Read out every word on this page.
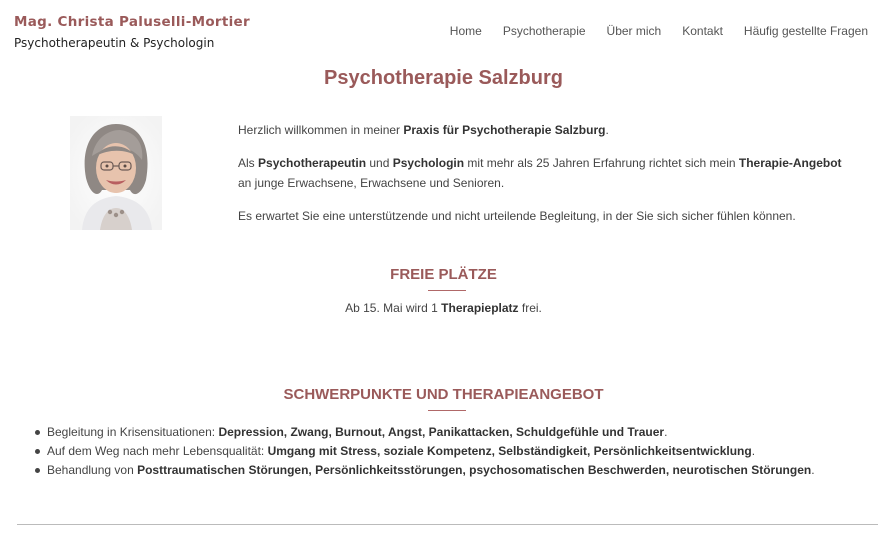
Mag. Christa Paluselli-Mortier
Psychotherapeutin & Psychologin
Home Psychotherapie Über mich Kontakt Häufig gestellte Fragen
Psychotherapie Salzburg

Herzlich willkommen in meiner Praxis für Psychotherapie Salzburg.

Als Psychotherapeutin und Psychologin mit mehr als 25 Jahren Erfahrung richtet sich mein Therapie-Angebot an junge Erwachsene, Erwachsene und Senioren.

Es erwartet Sie eine unterstützende und nicht urteilende Begleitung, in der Sie sich sicher fühlen können.

FREIE PLÄTZE
Ab 15. Mai wird 1 Therapieplatz frei.
SCHWERPUNKTE UND THERAPIEANGEBOT
Begleitung in Krisensituationen: Depression, Zwang, Burnout, Angst, Panikattacken, Schuldgefühle und Trauer.
Auf dem Weg nach mehr Lebensqualität: Umgang mit Stress, soziale Kompetenz, Selbständigkeit, Persönlichkeitsentwicklung.
Behandlung von Posttraumatischen Störungen, Persönlichkeitsstörungen, psychosomatischen Beschwerden, neurotischen Störungen.
